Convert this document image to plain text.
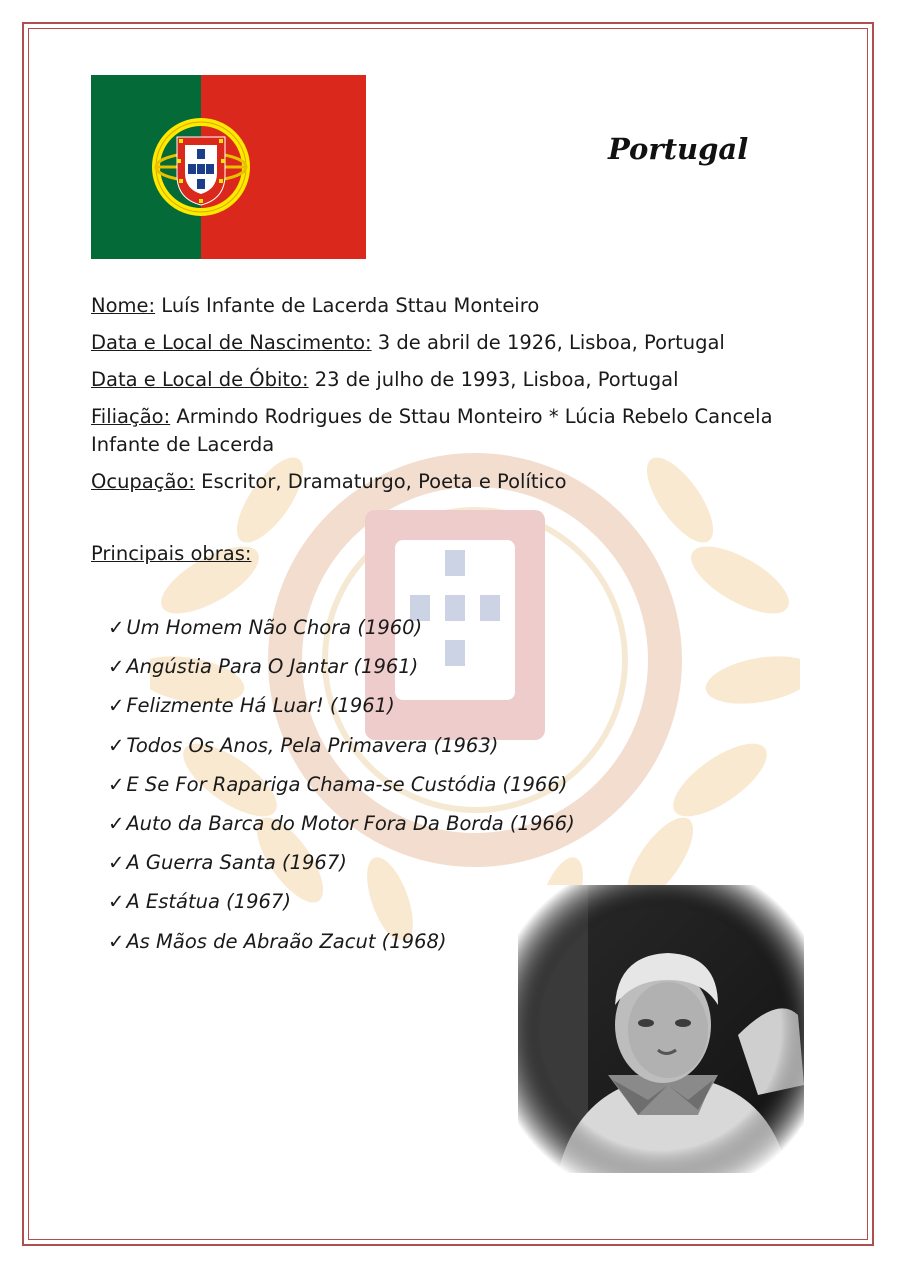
Portugal
Nome: Luís Infante de Lacerda Sttau Monteiro
Data e Local de Nascimento: 3 de abril de 1926, Lisboa, Portugal
Data e Local de Óbito: 23 de julho de 1993, Lisboa, Portugal
Filiação: Armindo Rodrigues de Sttau Monteiro * Lúcia Rebelo Cancela Infante de Lacerda
Ocupação: Escritor, Dramaturgo, Poeta e Político
Principais obras:
✓ Um Homem Não Chora (1960)
✓ Angústia Para O Jantar (1961)
✓ Felizmente Há Luar! (1961)
✓ Todos Os Anos, Pela Primavera (1963)
✓ E Se For Rapariga Chama-se Custódia (1966)
✓ Auto da Barca do Motor Fora Da Borda (1966)
✓ A Guerra Santa (1967)
✓ A Estátua (1967)
✓ As Mãos de Abraão Zacut (1968)
